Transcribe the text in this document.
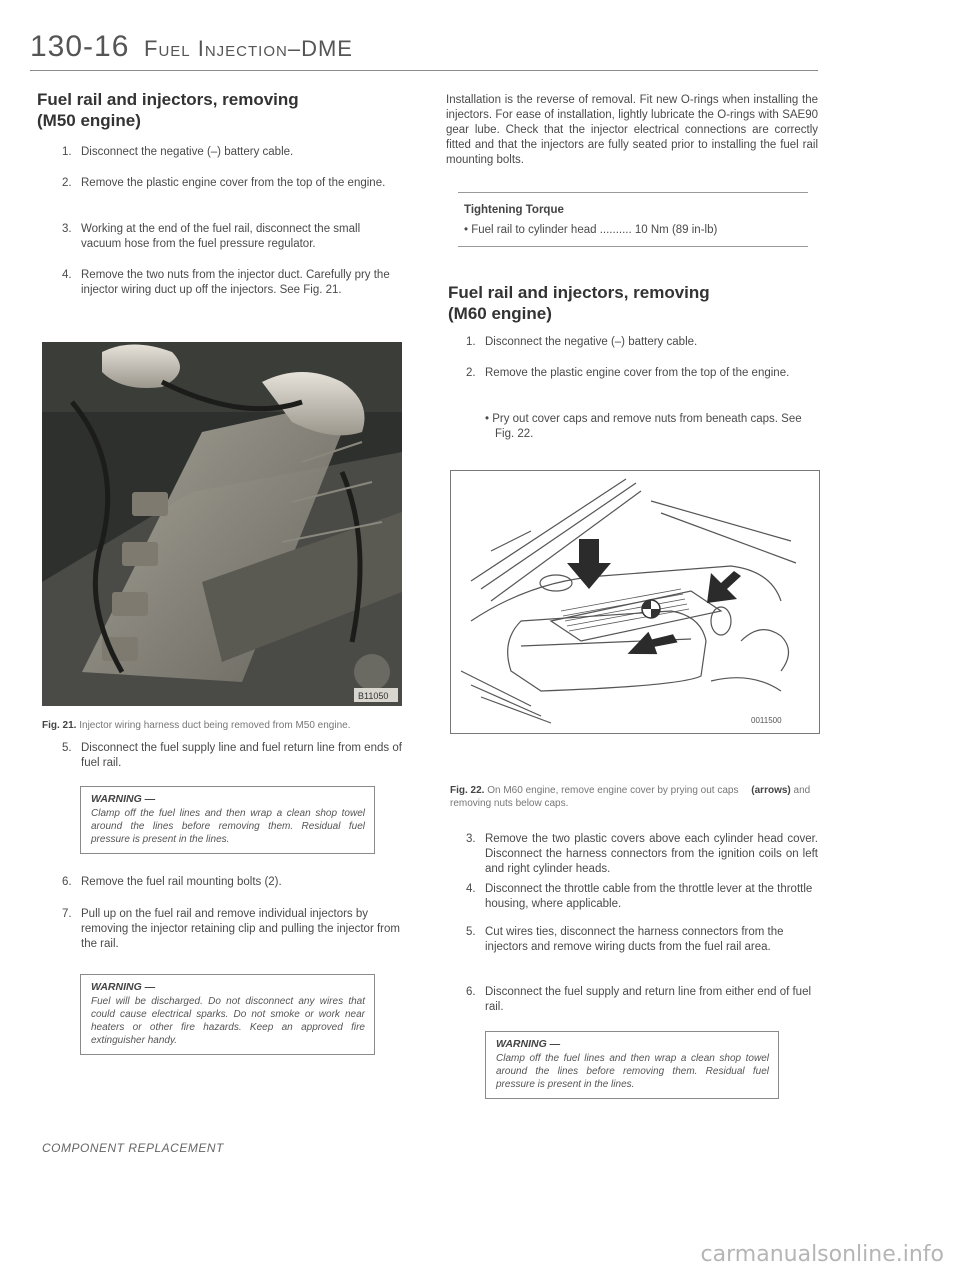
130-16 Fuel Injection–DME
Fuel rail and injectors, removing
(M50 engine)
1. Disconnect the negative (–) battery cable.
2. Remove the plastic engine cover from the top of the engine.
3. Working at the end of the fuel rail, disconnect the small vacuum hose from the fuel pressure regulator.
4. Remove the two nuts from the injector duct. Carefully pry the injector wiring duct up off the injectors. See Fig. 21.
B11050
Fig. 21. Injector wiring harness duct being removed from M50 engine.
5. Disconnect the fuel supply line and fuel return line from ends of fuel rail.
WARNING —
Clamp off the fuel lines and then wrap a clean shop towel around the lines before removing them. Residual fuel pressure is present in the lines.
6. Remove the fuel rail mounting bolts (2).
7. Pull up on the fuel rail and remove individual injectors by removing the injector retaining clip and pulling the injector from the rail.
WARNING —
Fuel will be discharged. Do not disconnect any wires that could cause electrical sparks. Do not smoke or work near heaters or other fire hazards. Keep an approved fire extinguisher handy.
Installation is the reverse of removal. Fit new O-rings when installing the injectors. For ease of installation, lightly lubricate the O-rings with SAE90 gear lube. Check that the injector electrical connections are correctly fitted and that the injectors are fully seated prior to installing the fuel rail mounting bolts.
Tightening Torque
• Fuel rail to cylinder head .......... 10 Nm (89 in-lb)
Fuel rail and injectors, removing
(M60 engine)
1. Disconnect the negative (–) battery cable.
2. Remove the plastic engine cover from the top of the engine.
• Pry out cover caps and remove nuts from beneath caps. See Fig. 22.
0011500
Fig. 22. On M60 engine, remove engine cover by prying out caps (arrows) and removing nuts below caps.
3. Remove the two plastic covers above each cylinder head cover. Disconnect the harness connectors from the ignition coils on left and right cylinder heads.
4. Disconnect the throttle cable from the throttle lever at the throttle housing, where applicable.
5. Cut wires ties, disconnect the harness connectors from the injectors and remove wiring ducts from the fuel rail area.
6. Disconnect the fuel supply and return line from either end of fuel rail.
WARNING —
Clamp off the fuel lines and then wrap a clean shop towel around the lines before removing them. Residual fuel pressure is present in the lines.
COMPONENT REPLACEMENT
carmanualsonline.info
